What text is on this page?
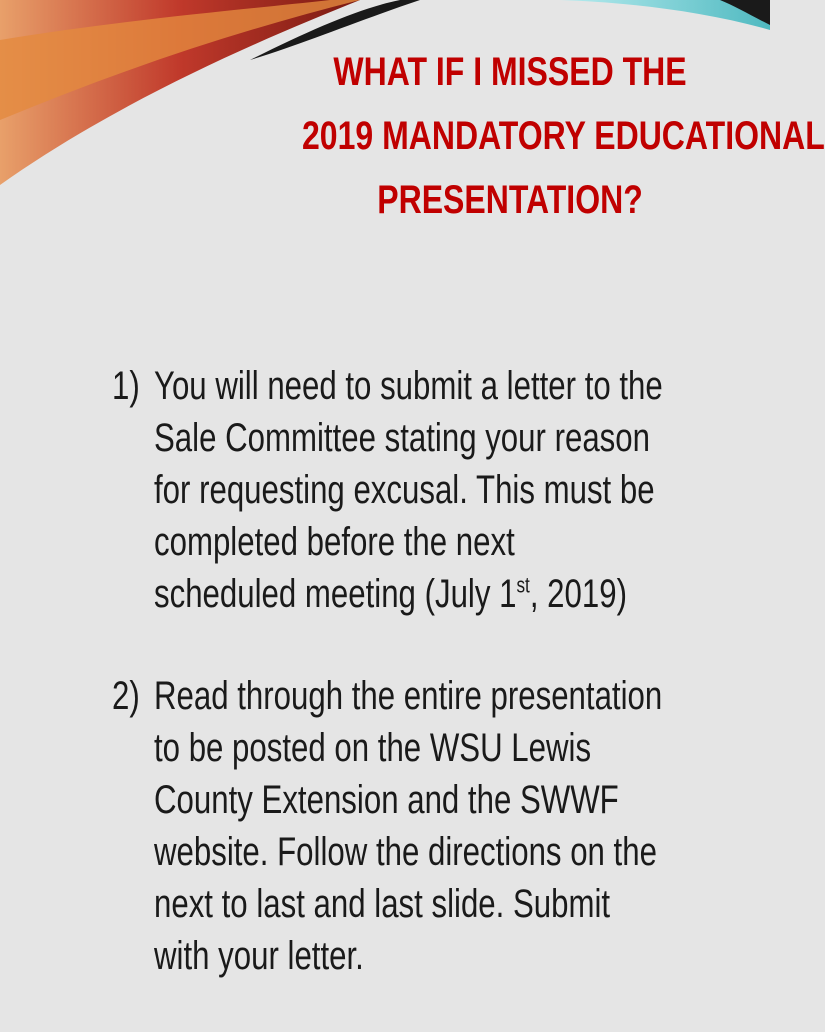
WHAT IF I MISSED THE
2019 MANDATORY EDUCATIONAL
PRESENTATION?
1) You will need to submit a letter to the
Sale Committee stating your reason
for requesting excusal. This must be
completed before the next
scheduled meeting (July 1st, 2019)
2) Read through the entire presentation
to be posted on the WSU Lewis
County Extension and the SWWF
website. Follow the directions on the
next to last and last slide. Submit
with your letter.
